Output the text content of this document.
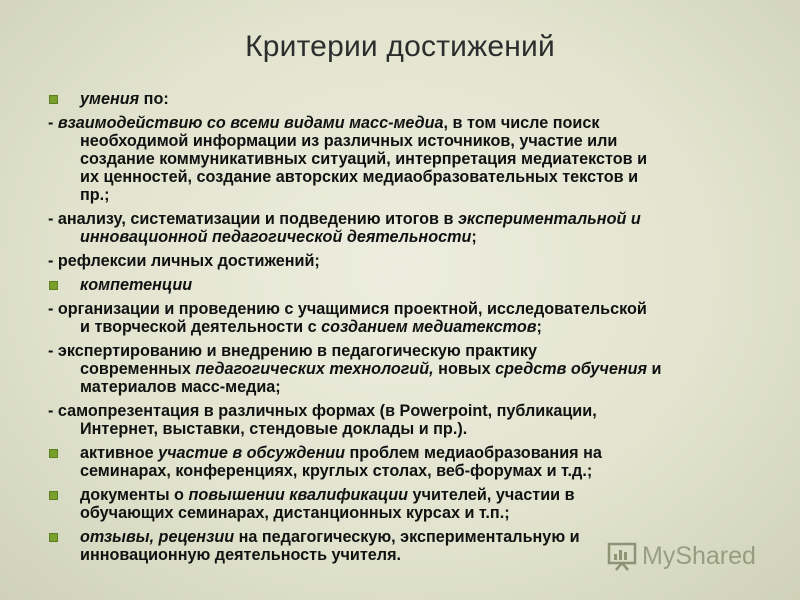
Критерии достижений
умения по:
- взаимодействию со всеми видами масс-медиа, в том числе поиск
необходимой информации из различных источников, участие или
создание коммуникативных ситуаций, интерпретация медиатекстов и
их ценностей, создание авторских медиаобразовательных текстов и
пр.;
- анализу, систематизации и подведению итогов в экспериментальной и
инновационной педагогической деятельности;
- рефлексии личных достижений;
компетенции
- организации и проведению с учащимися проектной, исследовательской
и творческой деятельности с созданием медиатекстов;
- экспертированию и внедрению в педагогическую практику
современных педагогических технологий, новых средств обучения и
материалов масс-медиа;
- самопрезентация в различных формах (в Powerpoint, публикации,
Интернет, выставки, стендовые доклады и пр.).
активное участие в обсуждении проблем медиаобразования на
семинарах, конференциях, круглых столах, веб-форумах и т.д.;
документы о повышении квалификации учителей, участии в
обучающих семинарах, дистанционных курсах и т.п.;
отзывы, рецензии на педагогическую, экспериментальную и
инновационную деятельность учителя.	MyShared
